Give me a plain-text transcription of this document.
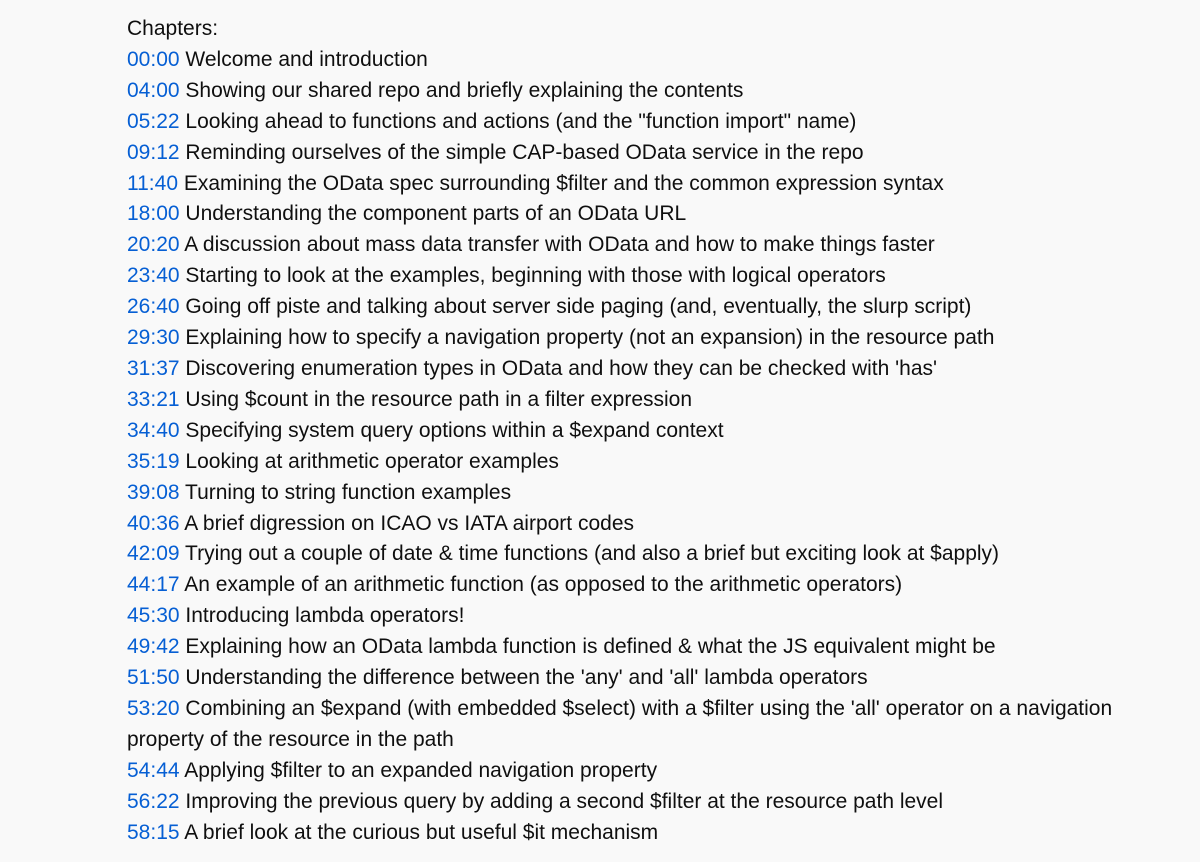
Chapters:
00:00 Welcome and introduction
04:00 Showing our shared repo and briefly explaining the contents
05:22 Looking ahead to functions and actions (and the "function import" name)
09:12 Reminding ourselves of the simple CAP-based OData service in the repo
11:40 Examining the OData spec surrounding $filter and the common expression syntax
18:00 Understanding the component parts of an OData URL
20:20 A discussion about mass data transfer with OData and how to make things faster
23:40 Starting to look at the examples, beginning with those with logical operators
26:40 Going off piste and talking about server side paging (and, eventually, the slurp script)
29:30 Explaining how to specify a navigation property (not an expansion) in the resource path
31:37 Discovering enumeration types in OData and how they can be checked with 'has'
33:21 Using $count in the resource path in a filter expression
34:40 Specifying system query options within a $expand context
35:19 Looking at arithmetic operator examples
39:08 Turning to string function examples
40:36 A brief digression on ICAO vs IATA airport codes
42:09 Trying out a couple of date & time functions (and also a brief but exciting look at $apply)
44:17 An example of an arithmetic function (as opposed to the arithmetic operators)
45:30 Introducing lambda operators!
49:42 Explaining how an OData lambda function is defined & what the JS equivalent might be
51:50 Understanding the difference between the 'any' and 'all' lambda operators
53:20 Combining an $expand (with embedded $select) with a $filter using the 'all' operator on a navigation property of the resource in the path
54:44 Applying $filter to an expanded navigation property
56:22 Improving the previous query by adding a second $filter at the resource path level
58:15 A brief look at the curious but useful $it mechanism
